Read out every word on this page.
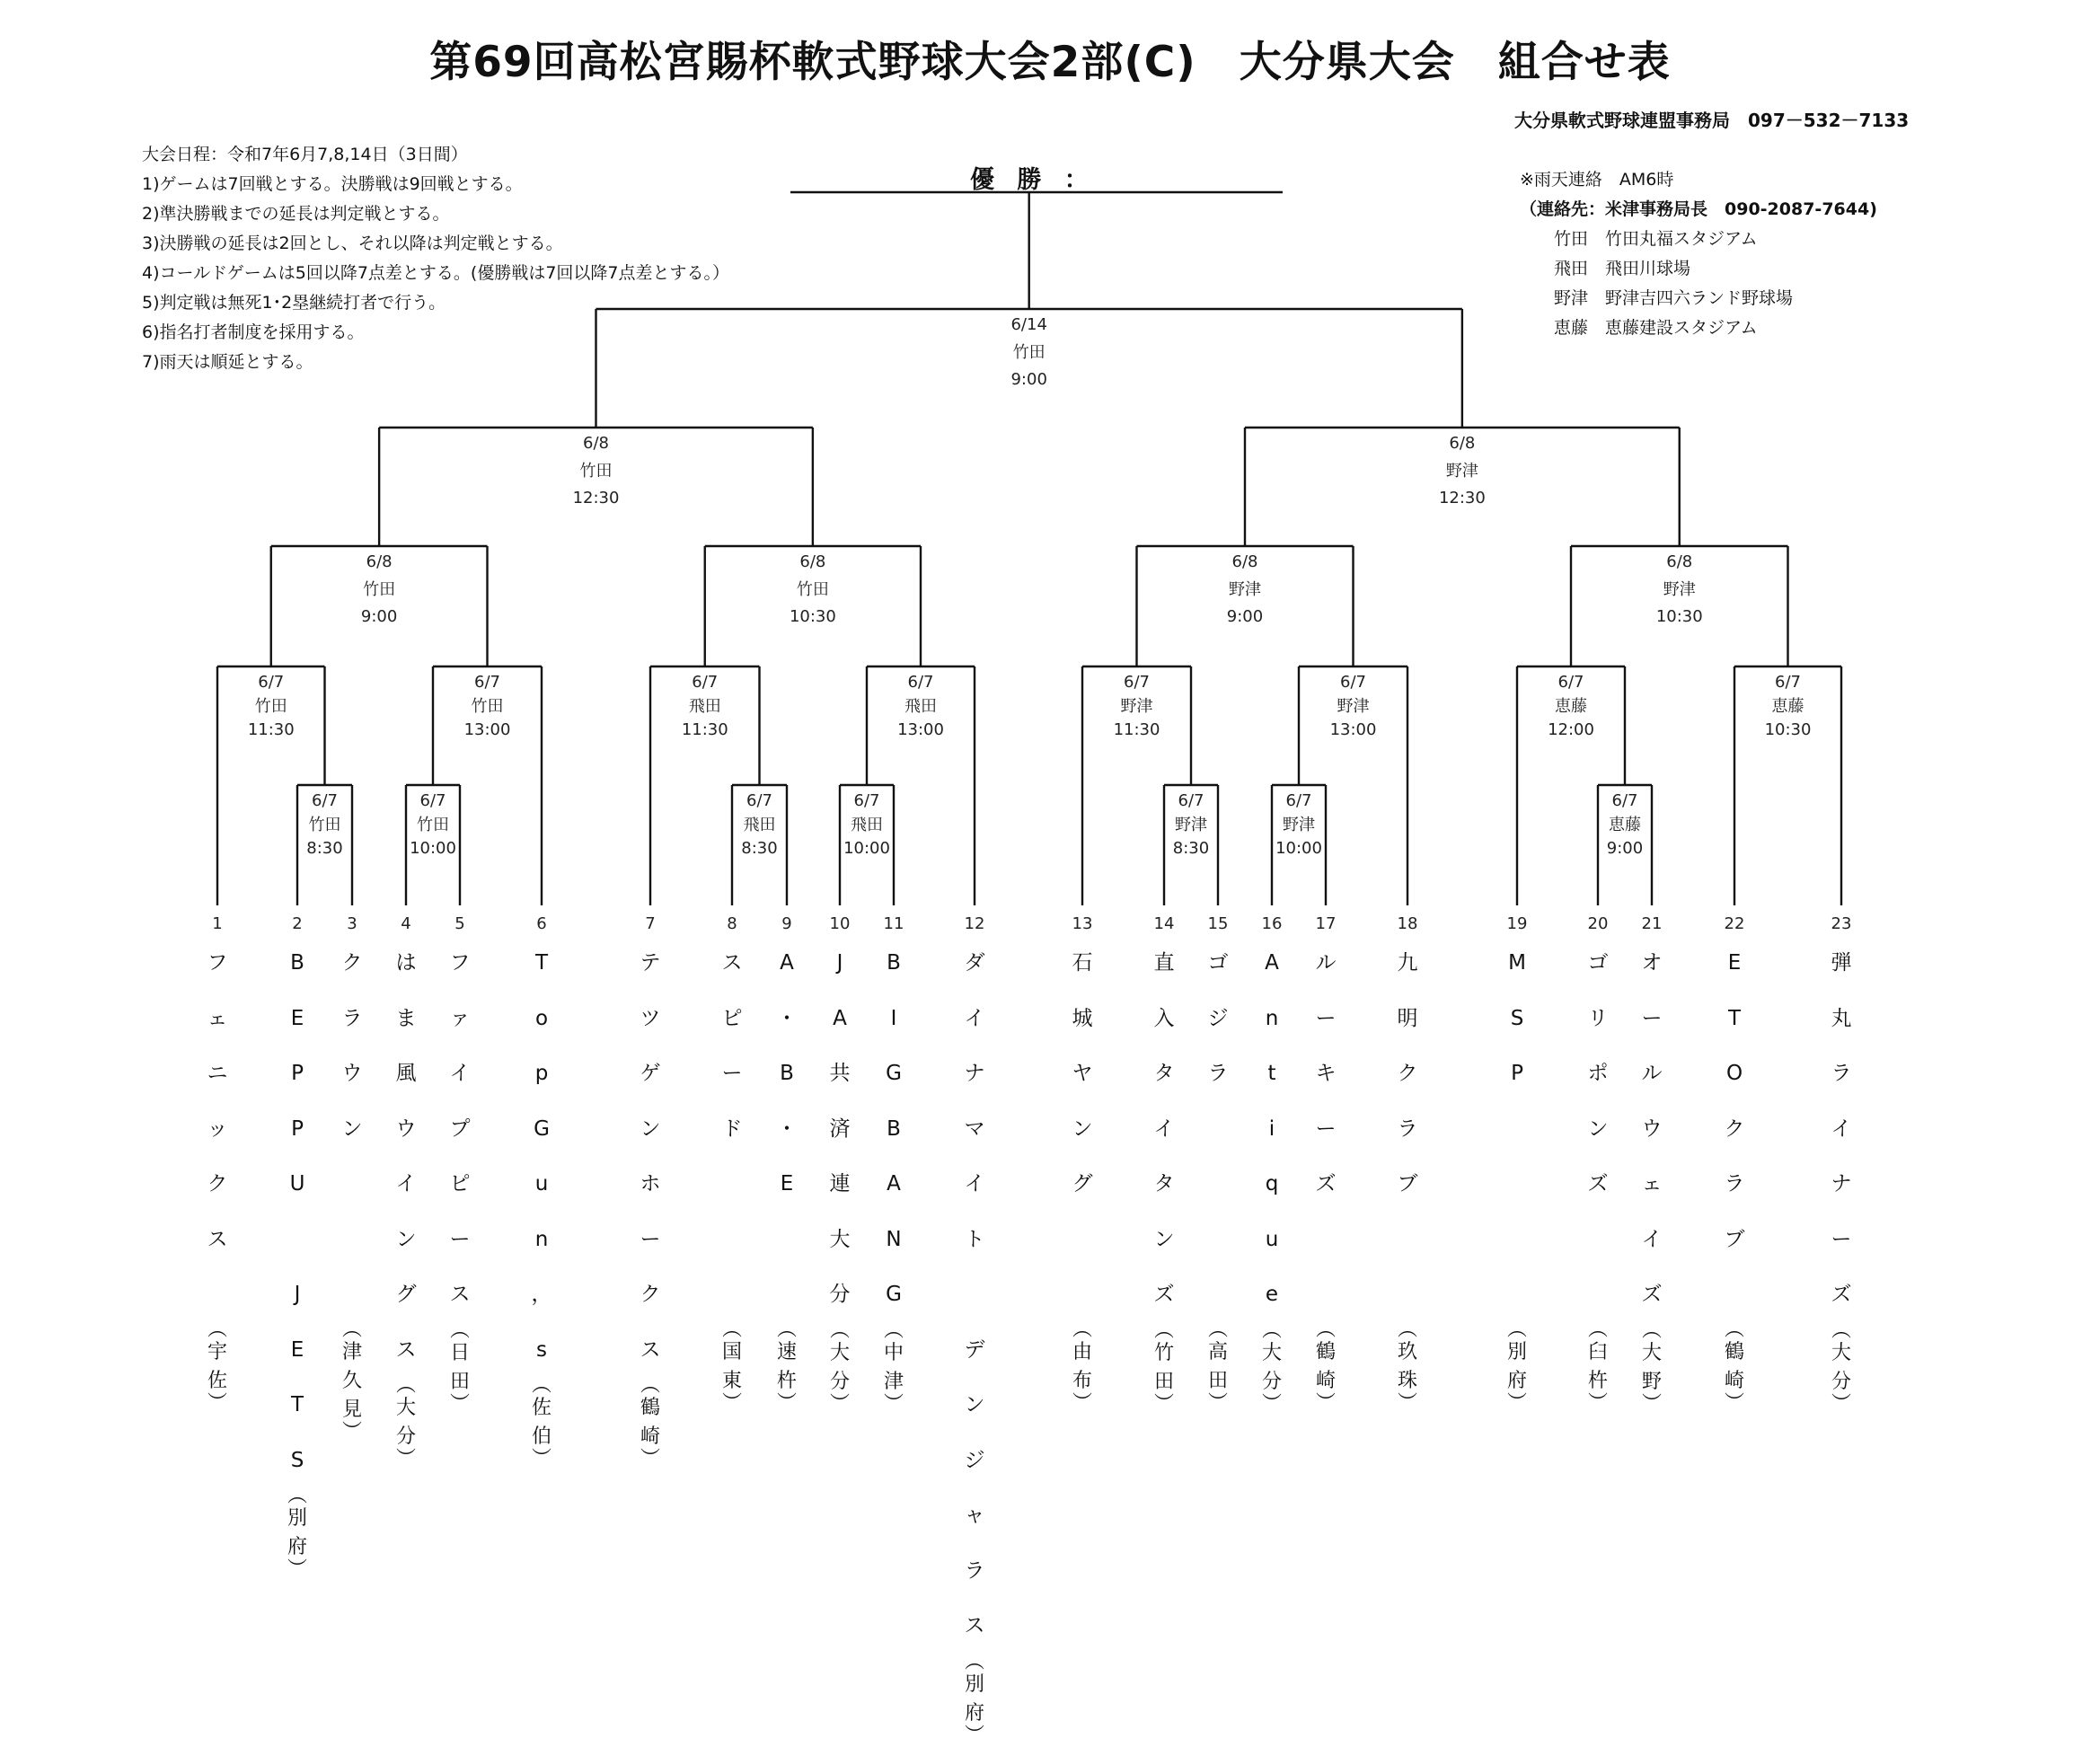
第69回高松宮賜杯軟式野球大会2部(C)　大分県大会　組合せ表
大分県軟式野球連盟事務局　097－532－7133
大会日程：令和7年6月7,8,14日（3日間）
1)ゲームは7回戦とする。決勝戦は9回戦とする。
2)準決勝戦までの延長は判定戦とする。
3)決勝戦の延長は2回とし、それ以降は判定戦とする。
4)コールドゲームは5回以降7点差とする。(優勝戦は7回以降7点差とする。）
5)判定戦は無死1･2塁継続打者で行う。
6)指名打者制度を採用する。
7)雨天は順延とする。
※雨天連絡　AM6時
（連絡先：米津事務局長　090-2087-7644)
竹田　竹田丸福スタジアム
飛田　飛田川球場
野津　野津吉四六ランド野球場
恵藤　恵藤建設スタジアム
優 勝 ：
6/7
竹田
8:30
6/7
竹田
10:00
6/7
飛田
8:30
6/7
飛田
10:00
6/7
野津
8:30
6/7
野津
10:00
6/7
恵藤
9:00
6/7
竹田
11:30
6/7
竹田
13:00
6/7
飛田
11:30
6/7
飛田
13:00
6/7
野津
11:30
6/7
野津
13:00
6/7
恵藤
12:00
6/7
恵藤
10:30
6/8
竹田
9:00
6/8
竹田
10:30
6/8
野津
9:00
6/8
野津
10:30
6/8
竹田
12:30
6/8
野津
12:30
6/14
竹田
9:00
1	2	3	4	5	6	7	8	9 10 11	12	13	14 15 16 17	18	19	20 21	22	23
フ
ェ
ニ
ッ
ク
ス
︵
宇
佐
︶
B
E
P
P
U

J
E
T
S
︵
別
府
︶
ク
ラ
ウ
ン
︵
津
久
見
︶
は
ま
風
ウ
イ
ン
グ
ス
︵
大
分
︶
フ
ァ
イ
プ
ピ
ー
ス
︵
日
田
︶
T
o
p
G
u
n
，
s
︵
佐
伯
︶
テ
ツ
ゲ
ン
ホ
ー
ク
ス
︵
鶴
崎
︶
ス
ピ
ー
ド
︵
国
東
︶
A
・
B
・
E
︵
速
杵
︶
J
A
共
済
連
大
分
︵
大
分
︶
B
I
G
B
A
N
G
︵
中
津
︶
ダ
イ
ナ
マ
イ
ト

デ
ン
ジ
ャ
ラ
ス
︵
別
府
︶
石
城
ヤ
ン
グ
︵
由
布
︶
直
入
タ
イ
タ
ン
ズ
︵
竹
田
︶
ゴ
ジ
ラ
︵
高
田
︶
A
n
t
i
q
u
e
︵
大
分
︶
ル
ー
キ
ー
ズ
︵
鶴
崎
︶
九
明
ク
ラ
ブ
︵
玖
珠
︶
M
S
P
︵
別
府
︶
ゴ
リ
ポ
ン
ズ
︵
臼
杵
︶
オ
ー
ル
ウ
ェ
イ
ズ
︵
大
野
︶
E
T
O
ク
ラ
ブ
︵
鶴
崎
︶
弾
丸
ラ
イ
ナ
ー
ズ
︵
大
分
︶
